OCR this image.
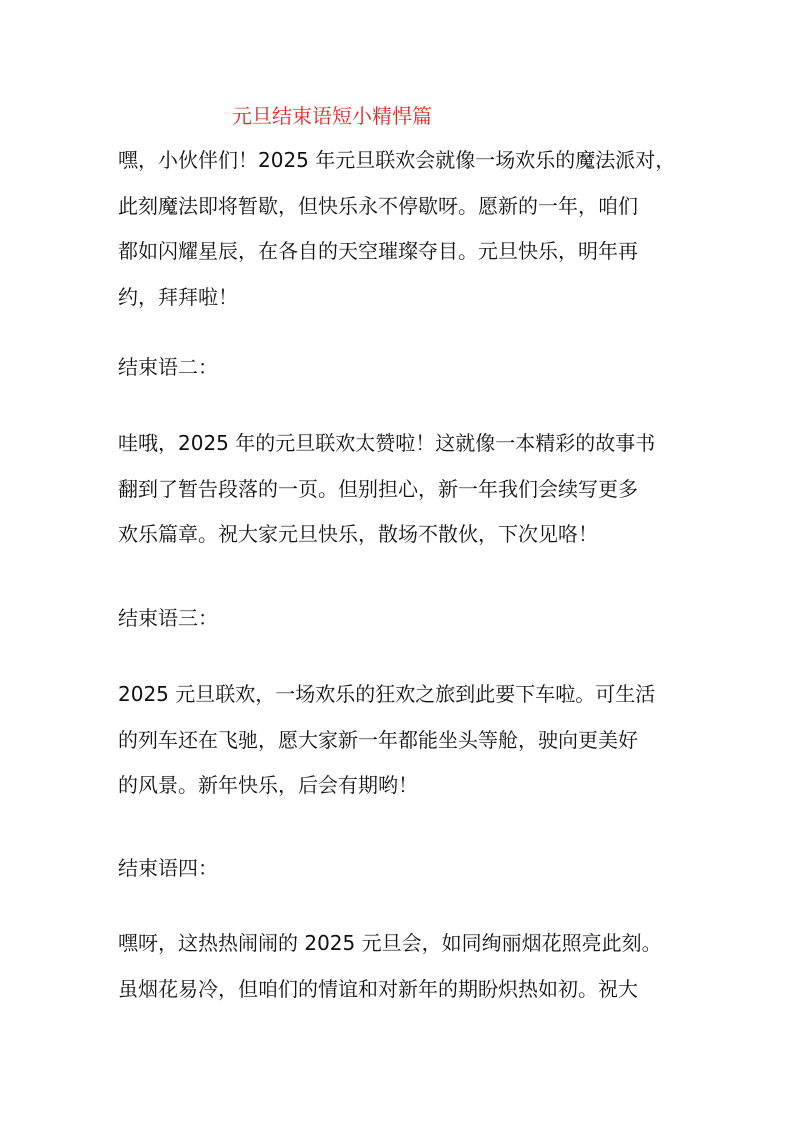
元旦结束语短小精悍篇

嘿，小伙伴们！2025 年元旦联欢会就像一场欢乐的魔法派对，
此刻魔法即将暂歇，但快乐永不停歇呀。愿新的一年，咱们
都如闪耀星辰，在各自的天空璀璨夺目。元旦快乐，明年再
约，拜拜啦！

结束语二：

哇哦，2025 年的元旦联欢太赞啦！这就像一本精彩的故事书
翻到了暂告段落的一页。但别担心，新一年我们会续写更多
欢乐篇章。祝大家元旦快乐，散场不散伙，下次见咯！

结束语三：

2025 元旦联欢，一场欢乐的狂欢之旅到此要下车啦。可生活
的列车还在飞驰，愿大家新一年都能坐头等舱，驶向更美好
的风景。新年快乐，后会有期哟！

结束语四：

嘿呀，这热热闹闹的 2025 元旦会，如同绚丽烟花照亮此刻。
虽烟花易冷，但咱们的情谊和对新年的期盼炽热如初。祝大
